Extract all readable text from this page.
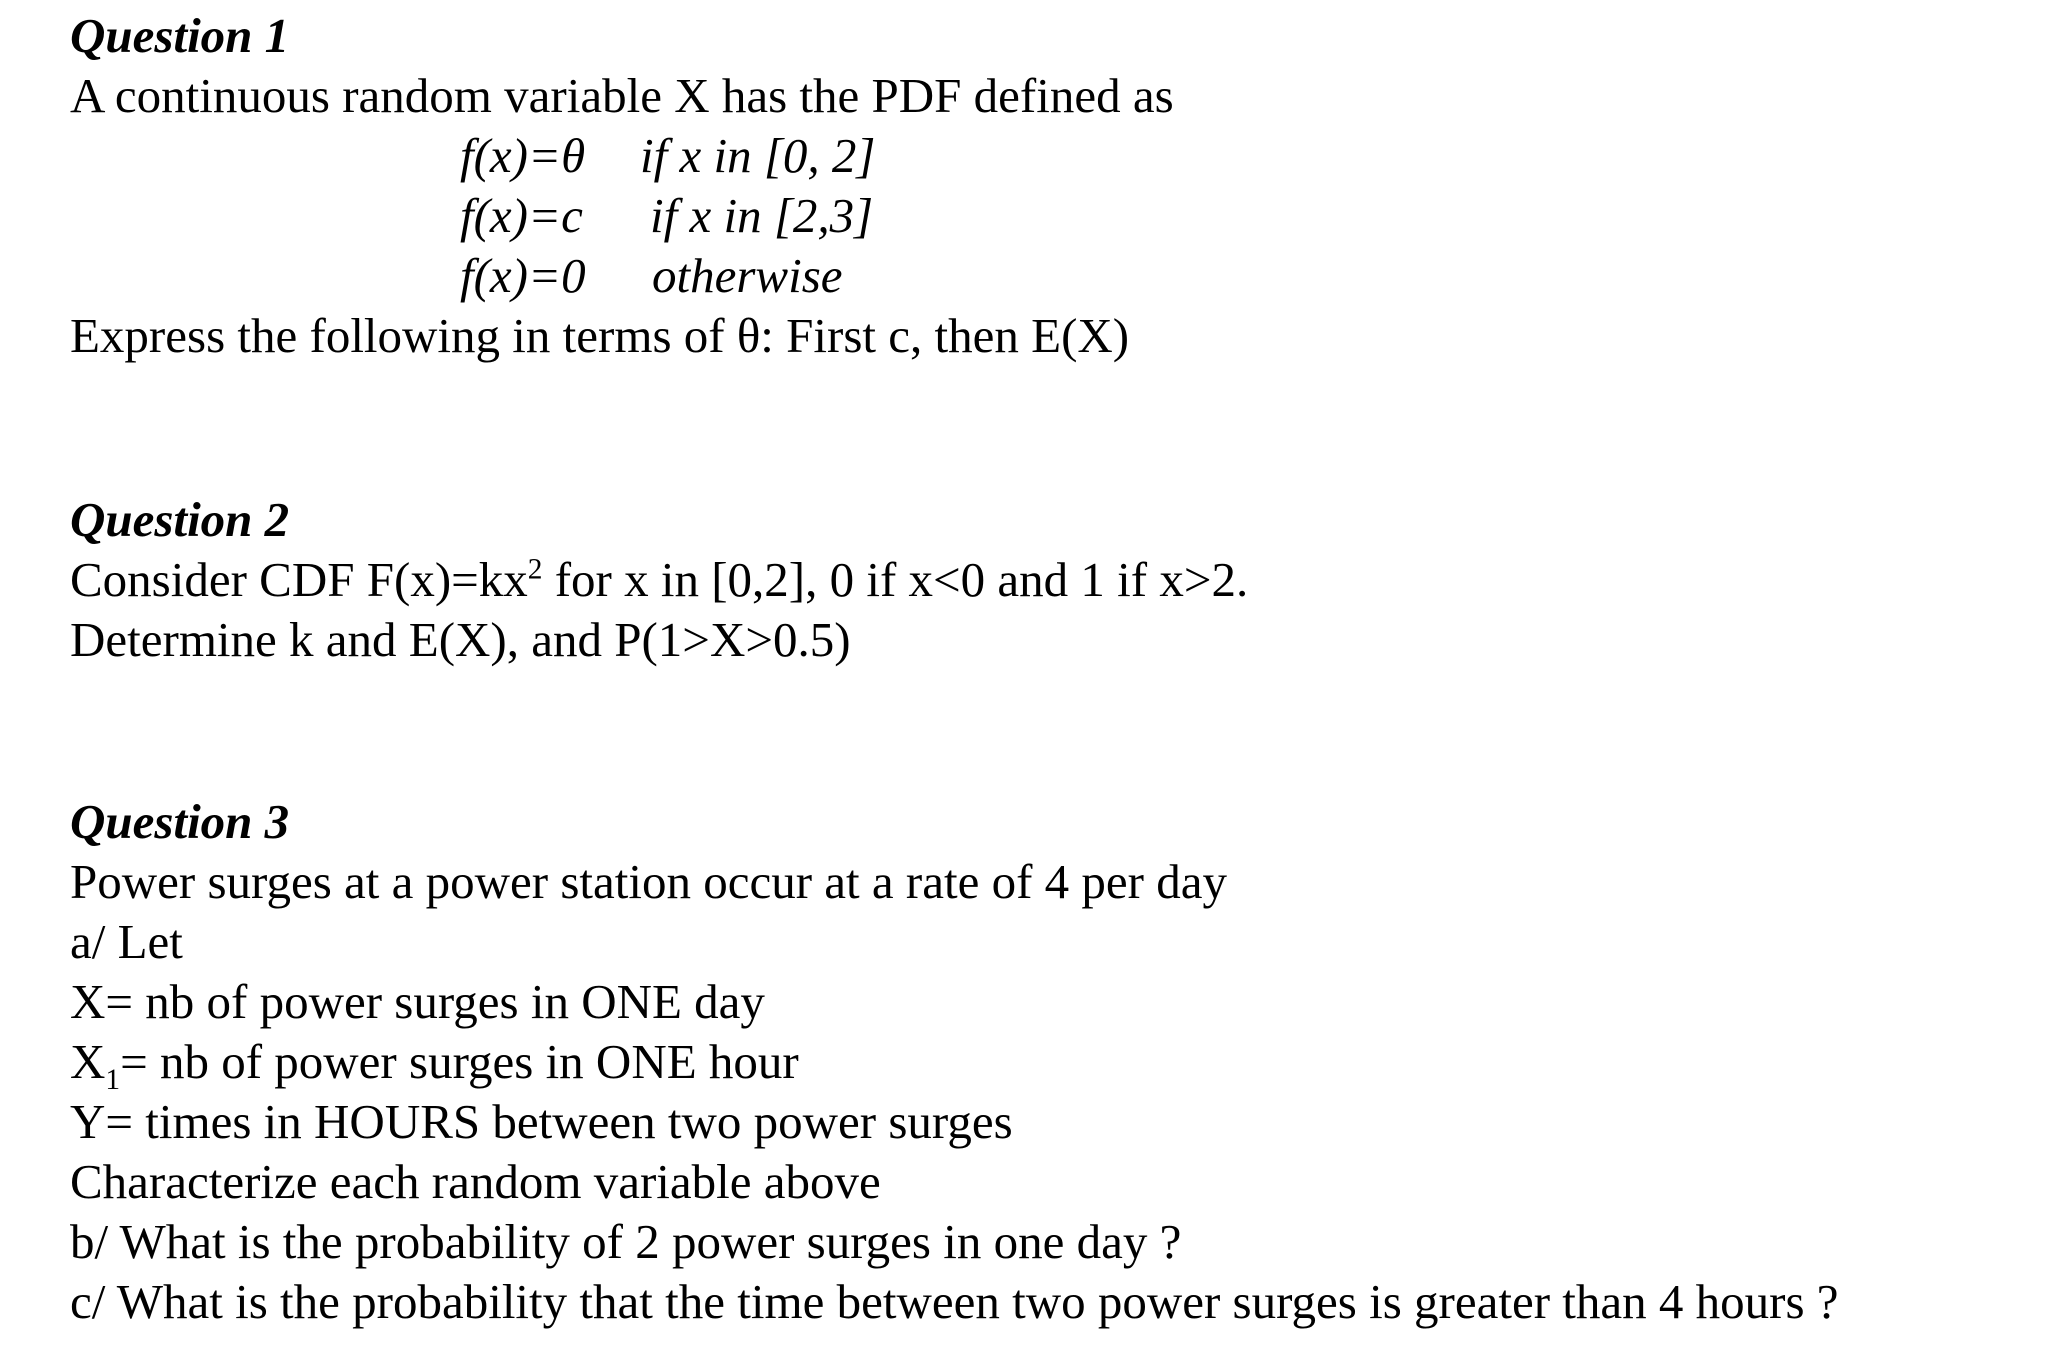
Question 1
A continuous random variable X has the PDF defined as
f(x)=θ if x in [0, 2]
f(x)=c if x in [2,3]
f(x)=0 otherwise
Express the following in terms of θ: First c, then E(X)
Question 2
Consider CDF $F(x)=kx^2$ for x in [0,2], 0 if x<0 and 1 if x>2.
Determine k and E(X), and P(1>X>0.5)
Question 3
Power surges at a power station occur at a rate of 4 per day
a/ Let
X= nb of power surges in ONE day
$X_1=$ nb of power surges in ONE hour
Y= times in HOURS between two power surges
Characterize each random variable above
b/ What is the probability of 2 power surges in one day ?
c/ What is the probability that the time between two power surges is greater than 4 hours ?
